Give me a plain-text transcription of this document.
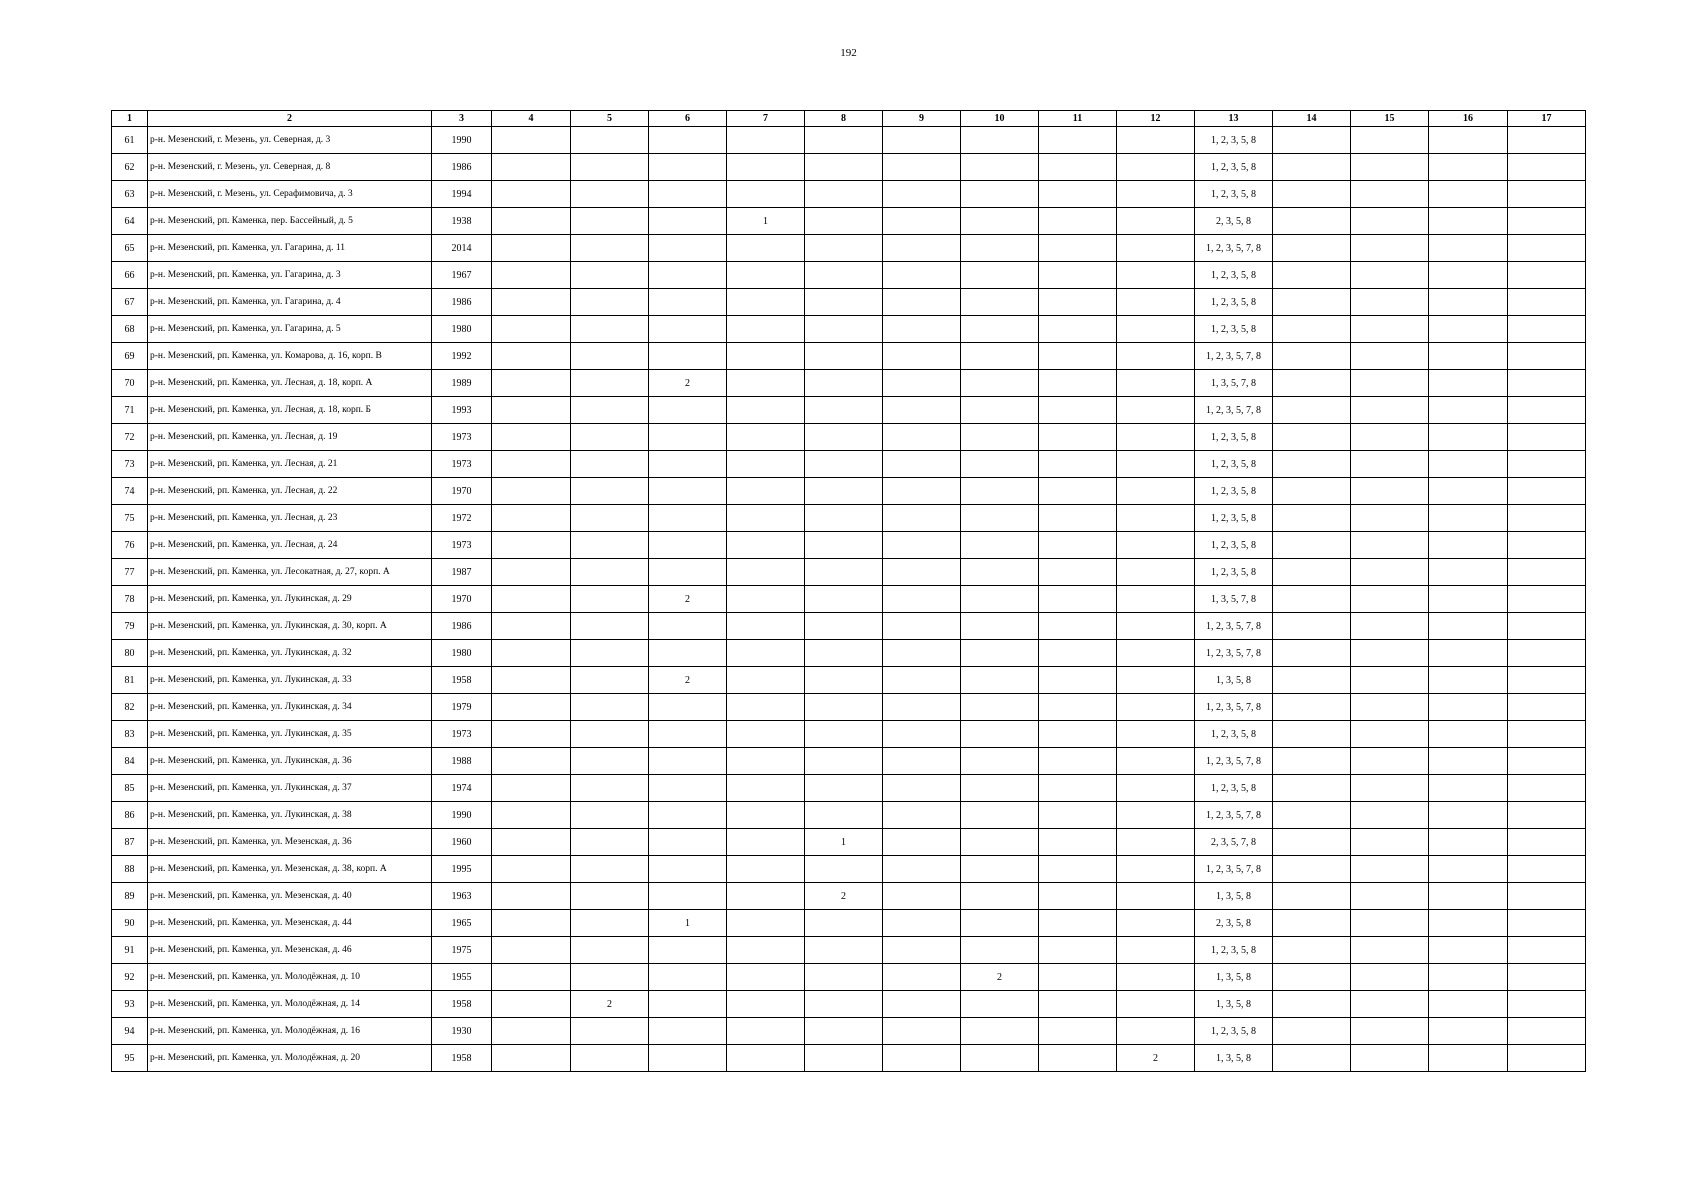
192
1	2	3	4	5	6	7	8	9	10	11	12	13	14	15	16	17
61	р-н. Мезенский, г. Мезень, ул. Северная, д. 3	1990										1, 2, 3, 5, 8				
62	р-н. Мезенский, г. Мезень, ул. Северная, д. 8	1986										1, 2, 3, 5, 8				
63	р-н. Мезенский, г. Мезень, ул. Серафимовича, д. 3	1994										1, 2, 3, 5, 8				
64	р-н. Мезенский, рп. Каменка, пер. Бассейный, д. 5	1938				1						2, 3, 5, 8				
65	р-н. Мезенский, рп. Каменка, ул. Гагарина, д. 11	2014										1, 2, 3, 5, 7, 8				
66	р-н. Мезенский, рп. Каменка, ул. Гагарина, д. 3	1967										1, 2, 3, 5, 8				
67	р-н. Мезенский, рп. Каменка, ул. Гагарина, д. 4	1986										1, 2, 3, 5, 8				
68	р-н. Мезенский, рп. Каменка, ул. Гагарина, д. 5	1980										1, 2, 3, 5, 8				
69	р-н. Мезенский, рп. Каменка, ул. Комарова, д. 16, корп. В	1992										1, 2, 3, 5, 7, 8				
70	р-н. Мезенский, рп. Каменка, ул. Лесная, д. 18, корп. А	1989			2							1, 3, 5, 7, 8				
71	р-н. Мезенский, рп. Каменка, ул. Лесная, д. 18, корп. Б	1993										1, 2, 3, 5, 7, 8				
72	р-н. Мезенский, рп. Каменка, ул. Лесная, д. 19	1973										1, 2, 3, 5, 8				
73	р-н. Мезенский, рп. Каменка, ул. Лесная, д. 21	1973										1, 2, 3, 5, 8				
74	р-н. Мезенский, рп. Каменка, ул. Лесная, д. 22	1970										1, 2, 3, 5, 8				
75	р-н. Мезенский, рп. Каменка, ул. Лесная, д. 23	1972										1, 2, 3, 5, 8				
76	р-н. Мезенский, рп. Каменка, ул. Лесная, д. 24	1973										1, 2, 3, 5, 8				
77	р-н. Мезенский, рп. Каменка, ул. Лесокатная, д. 27, корп. А	1987										1, 2, 3, 5, 8				
78	р-н. Мезенский, рп. Каменка, ул. Лукинская, д. 29	1970			2							1, 3, 5, 7, 8				
79	р-н. Мезенский, рп. Каменка, ул. Лукинская, д. 30, корп. А	1986										1, 2, 3, 5, 7, 8				
80	р-н. Мезенский, рп. Каменка, ул. Лукинская, д. 32	1980										1, 2, 3, 5, 7, 8				
81	р-н. Мезенский, рп. Каменка, ул. Лукинская, д. 33	1958			2							1, 3, 5, 8				
82	р-н. Мезенский, рп. Каменка, ул. Лукинская, д. 34	1979										1, 2, 3, 5, 7, 8				
83	р-н. Мезенский, рп. Каменка, ул. Лукинская, д. 35	1973										1, 2, 3, 5, 8				
84	р-н. Мезенский, рп. Каменка, ул. Лукинская, д. 36	1988										1, 2, 3, 5, 7, 8				
85	р-н. Мезенский, рп. Каменка, ул. Лукинская, д. 37	1974										1, 2, 3, 5, 8				
86	р-н. Мезенский, рп. Каменка, ул. Лукинская, д. 38	1990										1, 2, 3, 5, 7, 8				
87	р-н. Мезенский, рп. Каменка, ул. Мезенская, д. 36	1960					1					2, 3, 5, 7, 8				
88	р-н. Мезенский, рп. Каменка, ул. Мезенская, д. 38, корп. А	1995										1, 2, 3, 5, 7, 8				
89	р-н. Мезенский, рп. Каменка, ул. Мезенская, д. 40	1963					2					1, 3, 5, 8				
90	р-н. Мезенский, рп. Каменка, ул. Мезенская, д. 44	1965			1							2, 3, 5, 8				
91	р-н. Мезенский, рп. Каменка, ул. Мезенская, д. 46	1975										1, 2, 3, 5, 8				
92	р-н. Мезенский, рп. Каменка, ул. Молодёжная, д. 10	1955							2			1, 3, 5, 8				
93	р-н. Мезенский, рп. Каменка, ул. Молодёжная, д. 14	1958		2								1, 3, 5, 8				
94	р-н. Мезенский, рп. Каменка, ул. Молодёжная, д. 16	1930										1, 2, 3, 5, 8				
95	р-н. Мезенский, рп. Каменка, ул. Молодёжная, д. 20	1958									2	1, 3, 5, 8				
